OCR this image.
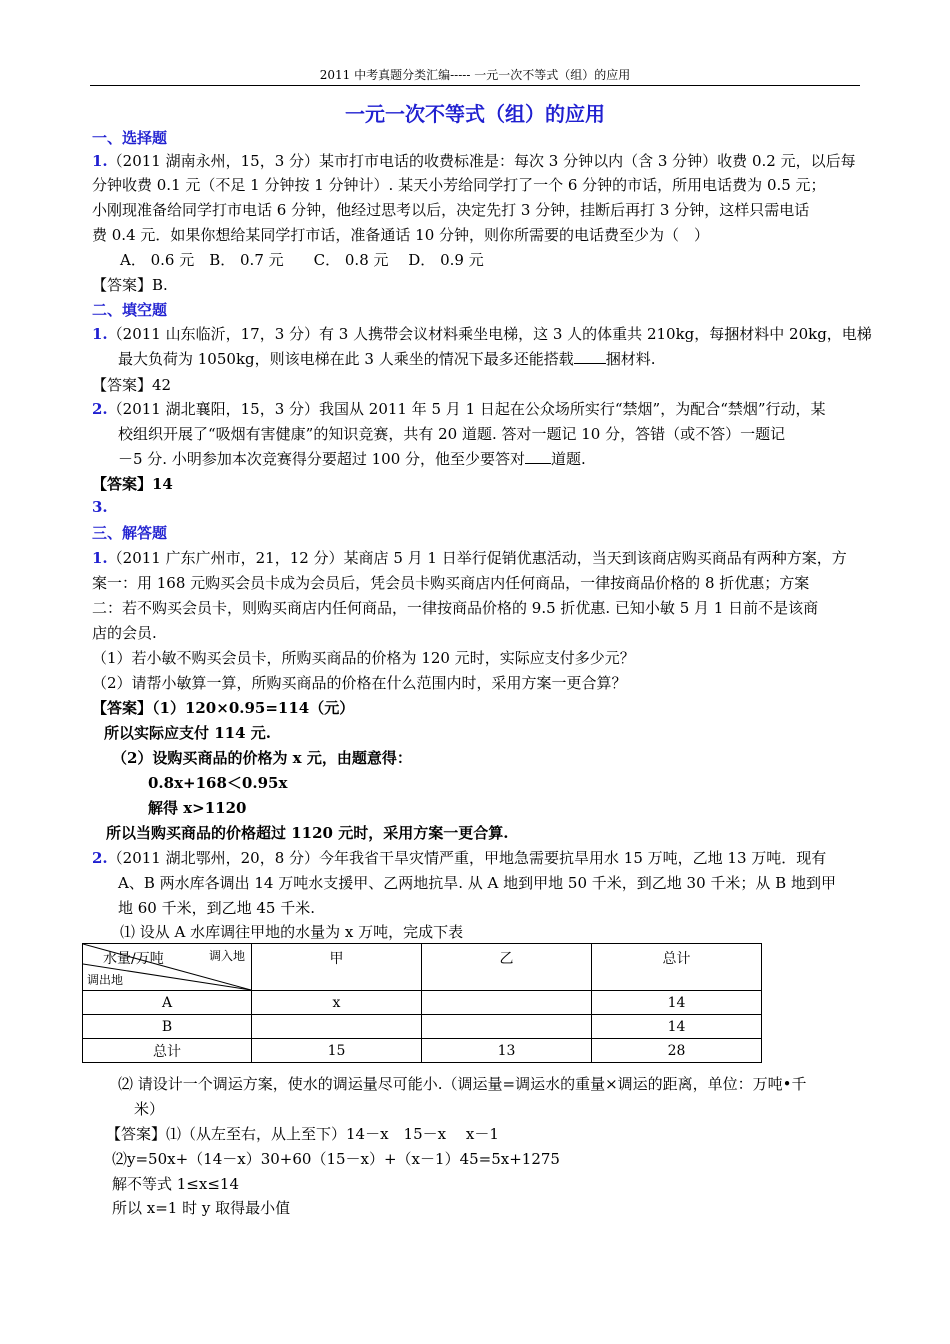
2011 中考真题分类汇编----- 一元一次不等式（组）的应用
一元一次不等式（组）的应用
一、选择题
1.（2011 湖南永州，15，3 分）某市打市电话的收费标准是：每次 3 分钟以内（含 3 分钟）收费 0.2 元，以后每
分钟收费 0.1 元（不足 1 分钟按 1 分钟计）. 某天小芳给同学打了一个 6 分钟的市话，所用电话费为 0.5 元；
小刚现准备给同学打市电话 6 分钟，他经过思考以后，决定先打 3 分钟，挂断后再打 3 分钟，这样只需电话
费 0.4 元．如果你想给某同学打市话，准备通话 10 分钟，则你所需要的电话费至少为（　）
A． 0.6 元　B． 0.7 元　　C． 0.8 元　 D． 0.9 元
【答案】B.
二、填空题
1.（2011 山东临沂，17，3 分）有 3 人携带会议材料乘坐电梯，这 3 人的体重共 210kg，每捆材料中 20kg，电梯
最大负荷为 1050kg，则该电梯在此 3 人乘坐的情况下最多还能搭载 捆材料.
【答案】42
2.（2011 湖北襄阳，15，3 分）我国从 2011 年 5 月 1 日起在公众场所实行“禁烟”，为配合“禁烟”行动，某
校组织开展了“吸烟有害健康”的知识竞赛，共有 20 道题. 答对一题记 10 分，答错（或不答）一题记
－5 分. 小明参加本次竞赛得分要超过 100 分，他至少要答对 道题.
【答案】14
3.
三、解答题
1.（2011 广东广州市，21，12 分）某商店 5 月 1 日举行促销优惠活动，当天到该商店购买商品有两种方案，方
案一：用 168 元购买会员卡成为会员后，凭会员卡购买商店内任何商品，一律按商品价格的 8 折优惠；方案
二：若不购买会员卡，则购买商店内任何商品，一律按商品价格的 9.5 折优惠. 已知小敏 5 月 1 日前不是该商
店的会员.
（1）若小敏不购买会员卡，所购买商品的价格为 120 元时，实际应支付多少元？
（2）请帮小敏算一算，所购买商品的价格在什么范围内时，采用方案一更合算？
【答案】（1）120×0.95=114（元）
所以实际应支付 114 元.
（2）设购买商品的价格为 x 元，由题意得：
0.8x+168＜0.95x
解得 x>1120
所以当购买商品的价格超过 1120 元时，采用方案一更合算.
2.（2011 湖北鄂州，20，8 分）今年我省干旱灾情严重，甲地急需要抗旱用水 15 万吨，乙地 13 万吨．现有
A、B 两水库各调出 14 万吨水支援甲、乙两地抗旱. 从 A 地到甲地 50 千米，到乙地 30 千米；从 B 地到甲
地 60 千米，到乙地 45 千米.
⑴ 设从 A 水库调往甲地的水量为 x 万吨，完成下表
水量/万吨 调入地
调出地	甲	乙	总计
A	x		14
B			14
总计	15	13	28
⑵ 请设计一个调运方案，使水的调运量尽可能小.（调运量=调运水的重量×调运的距离，单位：万吨•千
米）
【答案】⑴（从左至右，从上至下）14－x　15－x　 x－1
⑵y=50x+（14－x）30+60（15－x）+（x－1）45=5x+1275
解不等式 1≤x≤14
所以 x=1 时 y 取得最小值
